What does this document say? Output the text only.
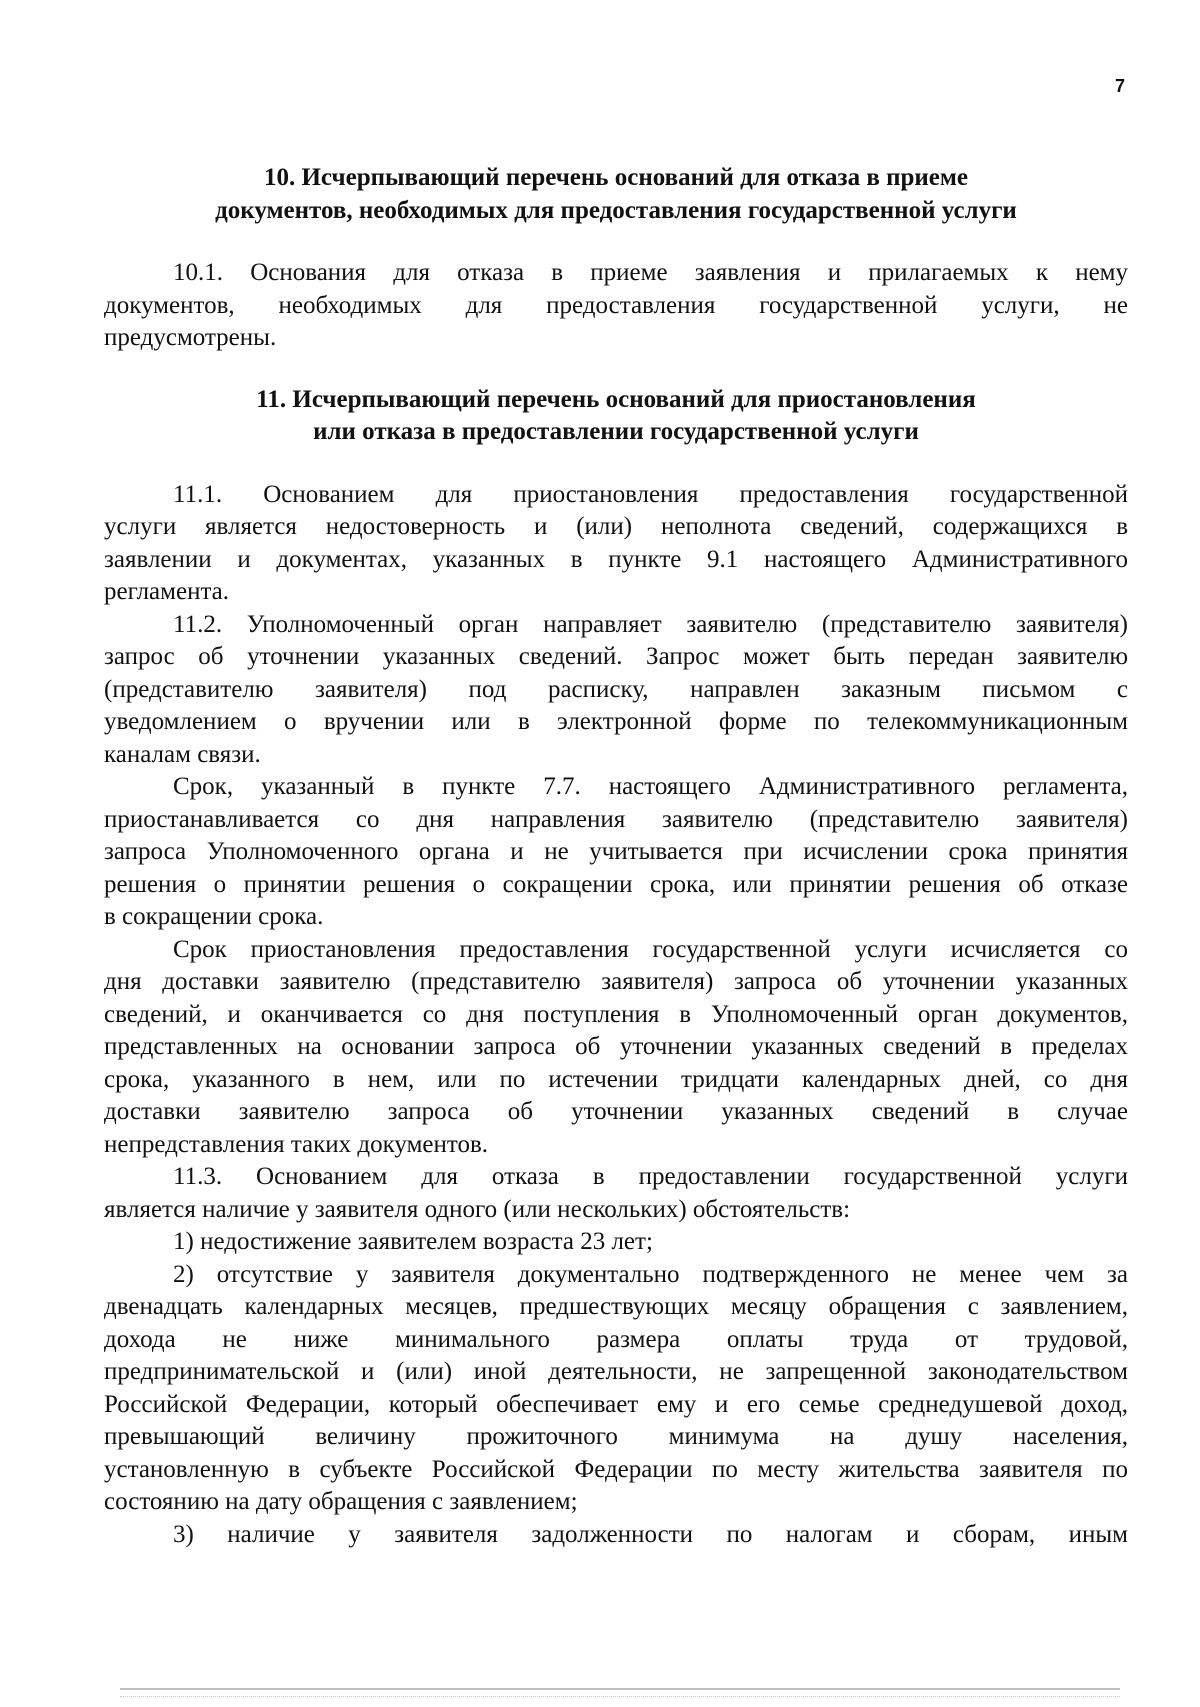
7
10. Исчерпывающий перечень оснований для отказа в приеме
документов, необходимых для предоставления государственной услуги
10.1. Основания для отказа в приеме заявления и прилагаемых к нему
документов, необходимых для предоставления государственной услуги, не
предусмотрены.
11. Исчерпывающий перечень оснований для приостановления
или отказа в предоставлении государственной услуги
11.1. Основанием для приостановления предоставления государственной
услуги является недостоверность и (или) неполнота сведений, содержащихся в
заявлении и документах, указанных в пункте 9.1 настоящего Административного
регламента.
11.2. Уполномоченный орган направляет заявителю (представителю заявителя)
запрос об уточнении указанных сведений. Запрос может быть передан заявителю
(представителю заявителя) под расписку, направлен заказным письмом с
уведомлением о вручении или в электронной форме по телекоммуникационным
каналам связи.
Срок, указанный в пункте 7.7. настоящего Административного регламента,
приостанавливается со дня направления заявителю (представителю заявителя)
запроса Уполномоченного органа и не учитывается при исчислении срока принятия
решения о принятии решения о сокращении срока, или принятии решения об отказе
в сокращении срока.
Срок приостановления предоставления государственной услуги исчисляется со
дня доставки заявителю (представителю заявителя) запроса об уточнении указанных
сведений, и оканчивается со дня поступления в Уполномоченный орган документов,
представленных на основании запроса об уточнении указанных сведений в пределах
срока, указанного в нем, или по истечении тридцати календарных дней, со дня
доставки заявителю запроса об уточнении указанных сведений в случае
непредставления таких документов.
11.3. Основанием для отказа в предоставлении государственной услуги
является наличие у заявителя одного (или нескольких) обстоятельств:
1) недостижение заявителем возраста 23 лет;
2) отсутствие у заявителя документально подтвержденного не менее чем за
двенадцать календарных месяцев, предшествующих месяцу обращения с заявлением,
дохода не ниже минимального размера оплаты труда от трудовой,
предпринимательской и (или) иной деятельности, не запрещенной законодательством
Российской Федерации, который обеспечивает ему и его семье среднедушевой доход,
превышающий величину прожиточного минимума на душу населения,
установленную в субъекте Российской Федерации по месту жительства заявителя по
состоянию на дату обращения с заявлением;
3) наличие у заявителя задолженности по налогам и сборам, иным
